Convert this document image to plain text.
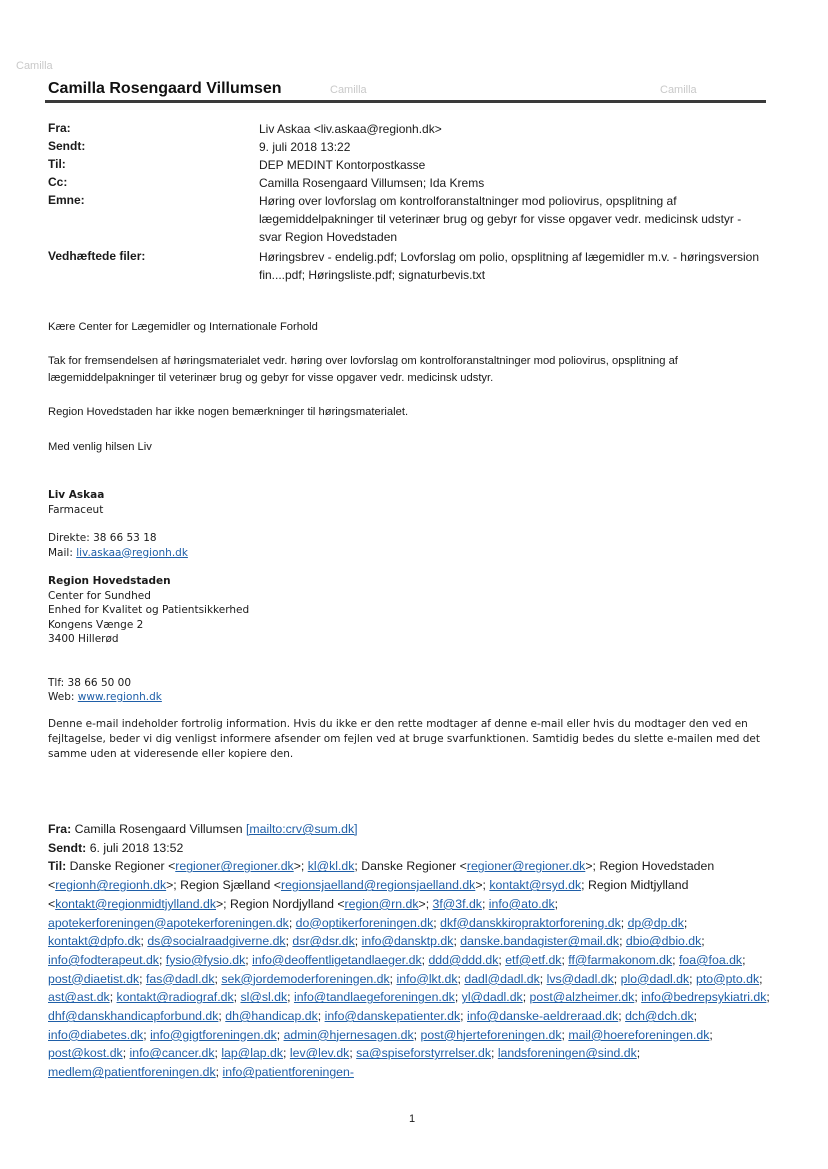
Camilla
Camilla	Camilla
Camilla Rosengaard Villumsen
Fra:	Liv Askaa <liv.askaa@regionh.dk>
Sendt:	9. juli 2018 13:22
Til:	DEP MEDINT Kontorpostkasse
Cc:	Camilla Rosengaard Villumsen; Ida Krems
Emne:	Høring over lovforslag om kontrolforanstaltninger mod poliovirus, opsplitning af lægemiddelpakninger til veterinær brug og gebyr for visse opgaver vedr. medicinsk udstyr - svar Region Hovedstaden
Vedhæftede filer:	Høringsbrev - endelig.pdf; Lovforslag om polio, opsplitning af lægemidler m.v. - høringsversion fin....pdf; Høringsliste.pdf; signaturbevis.txt
Kære Center for Lægemidler og Internationale Forhold
Tak for fremsendelsen af høringsmaterialet vedr. høring over lovforslag om kontrolforanstaltninger mod poliovirus, opsplitning af lægemiddelpakninger til veterinær brug og gebyr for visse opgaver vedr. medicinsk udstyr.
Region Hovedstaden har ikke nogen bemærkninger til høringsmaterialet.
Med venlig hilsen Liv
Liv Askaa
Farmaceut
Direkte: 38 66 53 18
Mail: liv.askaa@regionh.dk
Region Hovedstaden
Center for Sundhed
Enhed for Kvalitet og Patientsikkerhed
Kongens Vænge 2
3400 Hillerød
Tlf: 38 66 50 00
Web: www.regionh.dk
Denne e-mail indeholder fortrolig information. Hvis du ikke er den rette modtager af denne e-mail eller hvis du modtager den ved en fejltagelse, beder vi dig venligst informere afsender om fejlen ved at bruge svarfunktionen. Samtidig bedes du slette e-mailen med det samme uden at videresende eller kopiere den.
Fra: Camilla Rosengaard Villumsen [mailto:crv@sum.dk]
Sendt: 6. juli 2018 13:52
Til: Danske Regioner <regioner@regioner.dk>; kl@kl.dk; Danske Regioner <regioner@regioner.dk>; Region Hovedstaden <regionh@regionh.dk>; Region Sjælland <regionsjaelland@regionsjaelland.dk>; kontakt@rsyd.dk; Region Midtjylland <kontakt@regionmidtjylland.dk>; Region Nordjylland <region@rn.dk>; 3f@3f.dk; info@ato.dk; apotekerforeningen@apotekerforeningen.dk; do@optikerforeningen.dk; dkf@danskkiropraktorforening.dk; dp@dp.dk; kontakt@dpfo.dk; ds@socialraadgiverne.dk; dsr@dsr.dk; info@dansktp.dk; danske.bandagister@mail.dk; dbio@dbio.dk; info@fodterapeut.dk; fysio@fysio.dk; info@deoffentligetandlaeger.dk; ddd@ddd.dk; etf@etf.dk; ff@farmakonom.dk; foa@foa.dk; post@diaetist.dk; fas@dadl.dk; sek@jordemoderforeningen.dk; info@lkt.dk; dadl@dadl.dk; lvs@dadl.dk; plo@dadl.dk; pto@pto.dk; ast@ast.dk; kontakt@radiograf.dk; sl@sl.dk; info@tandlaegeforeningen.dk; yl@dadl.dk; post@alzheimer.dk; info@bedrepsykiatri.dk; dhf@danskhandicapforbund.dk; dh@handicap.dk; info@danskepatienter.dk; info@danske-aeldreraad.dk; dch@dch.dk; info@diabetes.dk; info@gigtforeningen.dk; admin@hjernesagen.dk; post@hjerteforeningen.dk; mail@hoereforeningen.dk; post@kost.dk; info@cancer.dk; lap@lap.dk; lev@lev.dk; sa@spiseforstyrrelser.dk; landsforeningen@sind.dk; medlem@patientforeningen.dk; info@patientforeningen-
1
